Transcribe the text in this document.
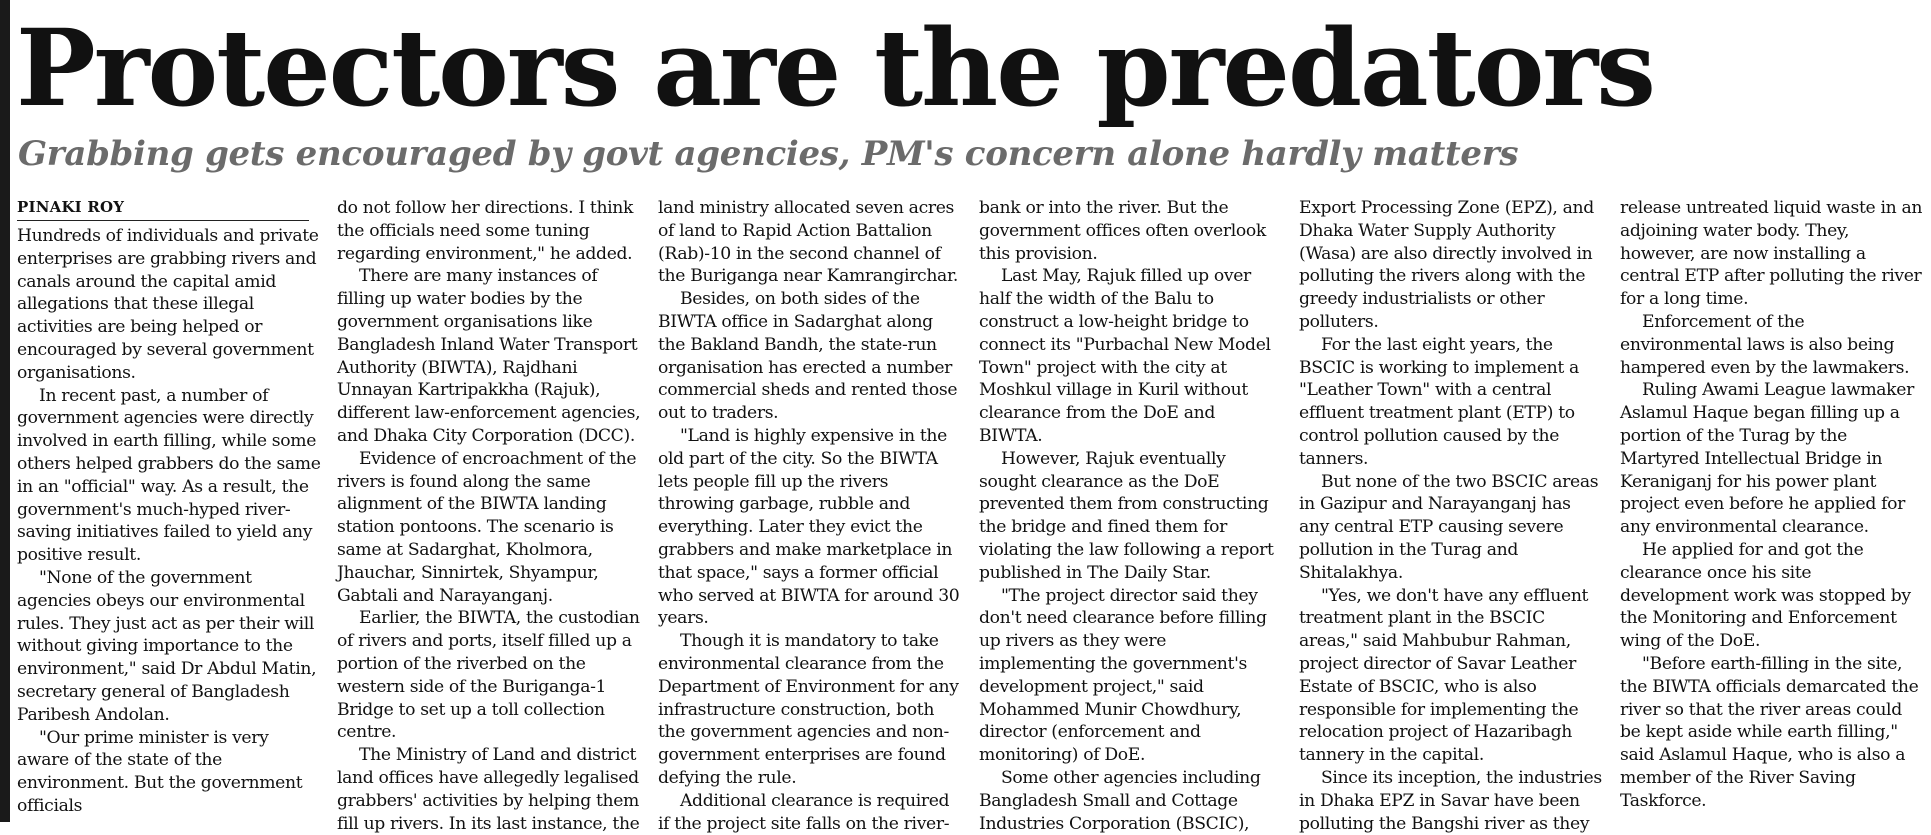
Protectors are the predators
Grabbing gets encouraged by govt agencies, PM's concern alone hardly matters
PINAKI ROY

Hundreds of individuals and private enterprises are grabbing rivers and canals around the capital amid allegations that these illegal activities are being helped or encouraged by several government organisations.

In recent past, a number of government agencies were directly involved in earth filling, while some others helped grabbers do the same in an "official" way. As a result, the government's much-hyped river-saving initiatives failed to yield any positive result.

"None of the government agencies obeys our environmental rules. They just act as per their will without giving importance to the environment," said Dr Abdul Matin, secretary general of Bangladesh Paribesh Andolan.

"Our prime minister is very aware of the state of the environment. But the government officials

do not follow her directions. I think the officials need some tuning regarding environment," he added.

There are many instances of filling up water bodies by the government organisations like Bangladesh Inland Water Transport Authority (BIWTA), Rajdhani Unnayan Kartripakkha (Rajuk), different law-enforcement agencies, and Dhaka City Corporation (DCC).

Evidence of encroachment of the rivers is found along the same alignment of the BIWTA landing station pontoons. The scenario is same at Sadarghat, Kholmora, Jhauchar, Sinnirtek, Shyampur, Gabtali and Narayanganj.

Earlier, the BIWTA, the custodian of rivers and ports, itself filled up a portion of the riverbed on the western side of the Buriganga-1 Bridge to set up a toll collection centre.

The Ministry of Land and district land offices have allegedly legalised grabbers' activities by helping them fill up rivers. In its last instance, the

land ministry allocated seven acres of land to Rapid Action Battalion (Rab)-10 in the second channel of the Buriganga near Kamrangirchar.

Besides, on both sides of the BIWTA office in Sadarghat along the Bakland Bandh, the state-run organisation has erected a number commercial sheds and rented those out to traders.

"Land is highly expensive in the old part of the city. So the BIWTA lets people fill up the rivers throwing garbage, rubble and everything. Later they evict the grabbers and make marketplace in that space," says a former official who served at BIWTA for around 30 years.

Though it is mandatory to take environmental clearance from the Department of Environment for any infrastructure construction, both the government agencies and non-government enterprises are found defying the rule.

Additional clearance is required if the project site falls on the river-

bank or into the river. But the government offices often overlook this provision.

Last May, Rajuk filled up over half the width of the Balu to construct a low-height bridge to connect its "Purbachal New Model Town" project with the city at Moshkul village in Kuril without clearance from the DoE and BIWTA.

However, Rajuk eventually sought clearance as the DoE prevented them from constructing the bridge and fined them for violating the law following a report published in The Daily Star.

"The project director said they don't need clearance before filling up rivers as they were implementing the government's development project," said Mohammed Munir Chowdhury, director (enforcement and monitoring) of DoE.

Some other agencies including Bangladesh Small and Cottage Industries Corporation (BSCIC),

Export Processing Zone (EPZ), and Dhaka Water Supply Authority (Wasa) are also directly involved in polluting the rivers along with the greedy industrialists or other polluters.

For the last eight years, the BSCIC is working to implement a "Leather Town" with a central effluent treatment plant (ETP) to control pollution caused by the tanners.

But none of the two BSCIC areas in Gazipur and Narayanganj has any central ETP causing severe pollution in the Turag and Shitalakhya.

"Yes, we don't have any effluent treatment plant in the BSCIC areas," said Mahbubur Rahman, project director of Savar Leather Estate of BSCIC, who is also responsible for implementing the relocation project of Hazaribagh tannery in the capital.

Since its inception, the industries in Dhaka EPZ in Savar have been polluting the Bangshi river as they

release untreated liquid waste in an adjoining water body. They, however, are now installing a central ETP after polluting the river for a long time.

Enforcement of the environmental laws is also being hampered even by the lawmakers.

Ruling Awami League lawmaker Aslamul Haque began filling up a portion of the Turag by the Martyred Intellectual Bridge in Keraniganj for his power plant project even before he applied for any environmental clearance.

He applied for and got the clearance once his site development work was stopped by the Monitoring and Enforcement wing of the DoE.

"Before earth-filling in the site, the BIWTA officials demarcated the river so that the river areas could be kept aside while earth filling," said Aslamul Haque, who is also a member of the River Saving Taskforce.
